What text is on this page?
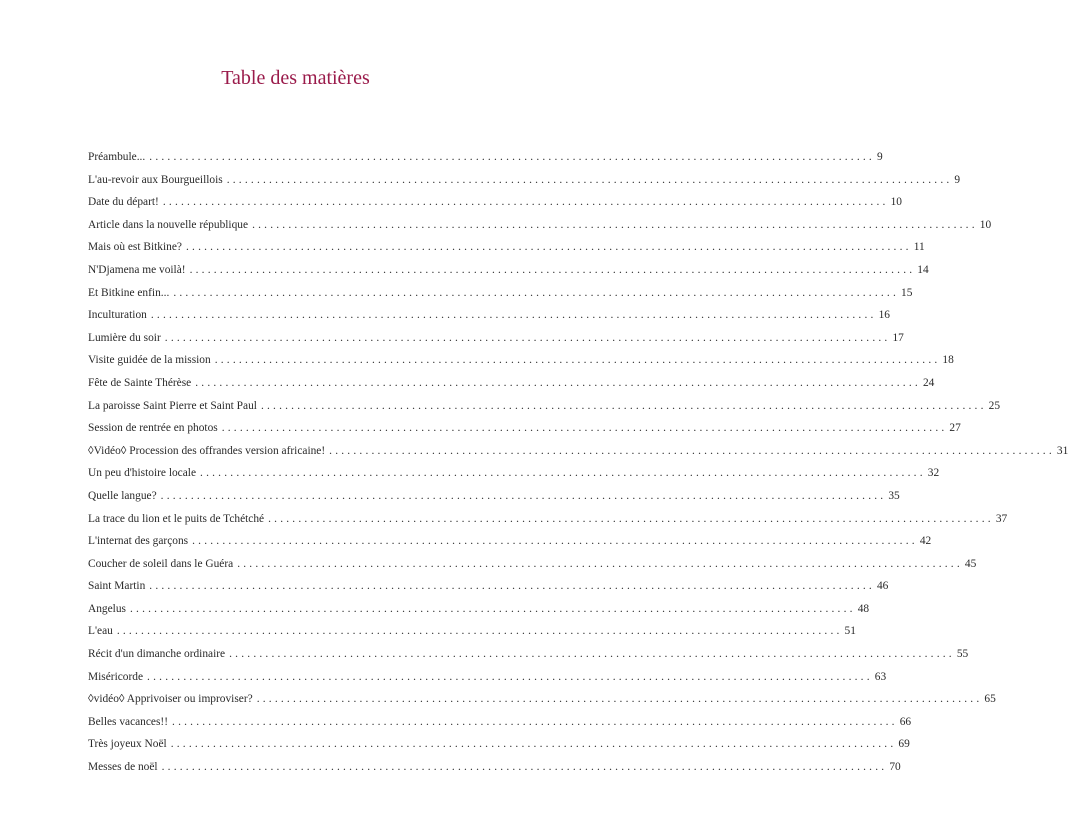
Table des matières
Préambule... ........................................................................................................................ 9
L'au-revoir aux Bourgueillois ........................................................................................................................ 9
Date du départ! ........................................................................................................................ 10
Article dans la nouvelle république ........................................................................................................................ 10
Mais où est Bitkine? ........................................................................................................................ 11
N'Djamena me voilà! ........................................................................................................................ 14
Et Bitkine enfin... ........................................................................................................................ 15
Inculturation ........................................................................................................................ 16
Lumière du soir ........................................................................................................................ 17
Visite guidée de la mission ........................................................................................................................ 18
Fête de Sainte Thérèse ........................................................................................................................ 24
La paroisse Saint Pierre et Saint Paul ........................................................................................................................ 25
Session de rentrée en photos ........................................................................................................................ 27
◊Vidéo◊ Procession des offrandes version africaine! ........................................................................................................................ 31
Un peu d'histoire locale ........................................................................................................................ 32
Quelle langue? ........................................................................................................................ 35
La trace du lion et le puits de Tchétché ........................................................................................................................ 37
L'internat des garçons ........................................................................................................................ 42
Coucher de soleil dans le Guéra ........................................................................................................................ 45
Saint Martin ........................................................................................................................ 46
Angelus ........................................................................................................................ 48
L'eau ........................................................................................................................ 51
Récit d'un dimanche ordinaire ........................................................................................................................ 55
Miséricorde ........................................................................................................................ 63
◊vidéo◊ Apprivoiser ou improviser? ........................................................................................................................ 65
Belles vacances!! ........................................................................................................................ 66
Très joyeux Noël ........................................................................................................................ 69
Messes de noël ........................................................................................................................ 70
